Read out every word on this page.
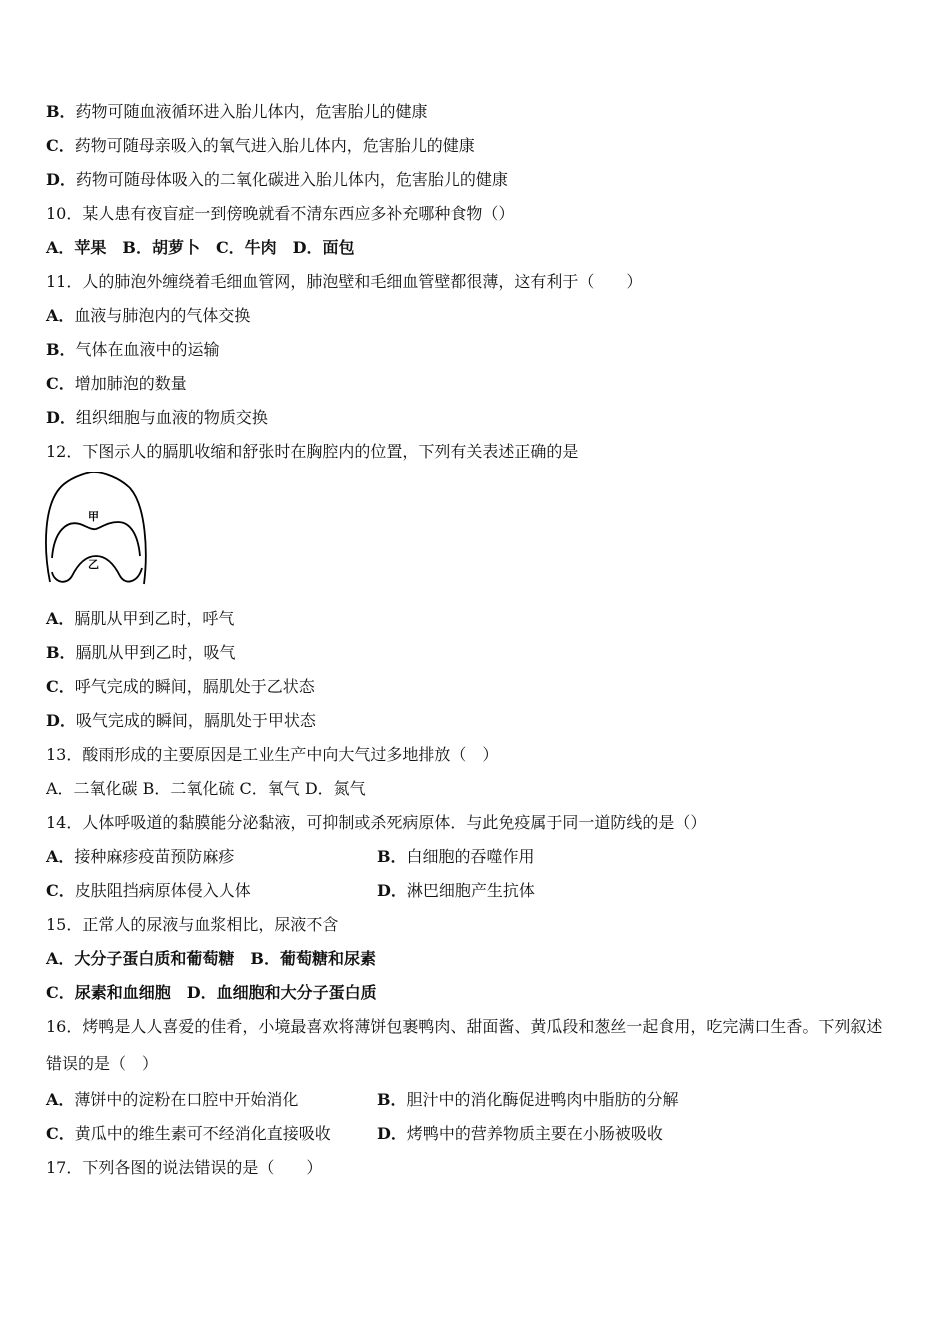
B．药物可随血液循环进入胎儿体内，危害胎儿的健康
C．药物可随母亲吸入的氧气进入胎儿体内，危害胎儿的健康
D．药物可随母体吸入的二氧化碳进入胎儿体内，危害胎儿的健康
10．某人患有夜盲症一到傍晚就看不清东西应多补充哪种食物（）
A．苹果　B．胡萝卜　C．牛肉　D．面包
11．人的肺泡外缠绕着毛细血管网，肺泡壁和毛细血管壁都很薄，这有利于（　　）
A．血液与肺泡内的气体交换
B．气体在血液中的运输
C．增加肺泡的数量
D．组织细胞与血液的物质交换
12．下图示人的膈肌收缩和舒张时在胸腔内的位置，下列有关表述正确的是
甲
乙
A．膈肌从甲到乙时，呼气
B．膈肌从甲到乙时，吸气
C．呼气完成的瞬间，膈肌处于乙状态
D．吸气完成的瞬间，膈肌处于甲状态
13．酸雨形成的主要原因是工业生产中向大气过多地排放（　）
A．二氧化碳 B．二氧化硫 C．氧气 D．氮气
14．人体呼吸道的黏膜能分泌黏液，可抑制或杀死病原体．与此免疫属于同一道防线的是（）
A．接种麻疹疫苗预防麻疹	B．白细胞的吞噬作用
C．皮肤阻挡病原体侵入人体	D．淋巴细胞产生抗体
15．正常人的尿液与血浆相比，尿液不含
A．大分子蛋白质和葡萄糖　B．葡萄糖和尿素
C．尿素和血细胞　D．血细胞和大分子蛋白质
16．烤鸭是人人喜爱的佳肴，小境最喜欢将薄饼包裹鸭肉、甜面酱、黄瓜段和葱丝一起食用，吃完满口生香。下列叙述
错误的是（　）
A．薄饼中的淀粉在口腔中开始消化	B．胆汁中的消化酶促进鸭肉中脂肪的分解
C．黄瓜中的维生素可不经消化直接吸收	D．烤鸭中的营养物质主要在小肠被吸收
17．下列各图的说法错误的是（　　）
